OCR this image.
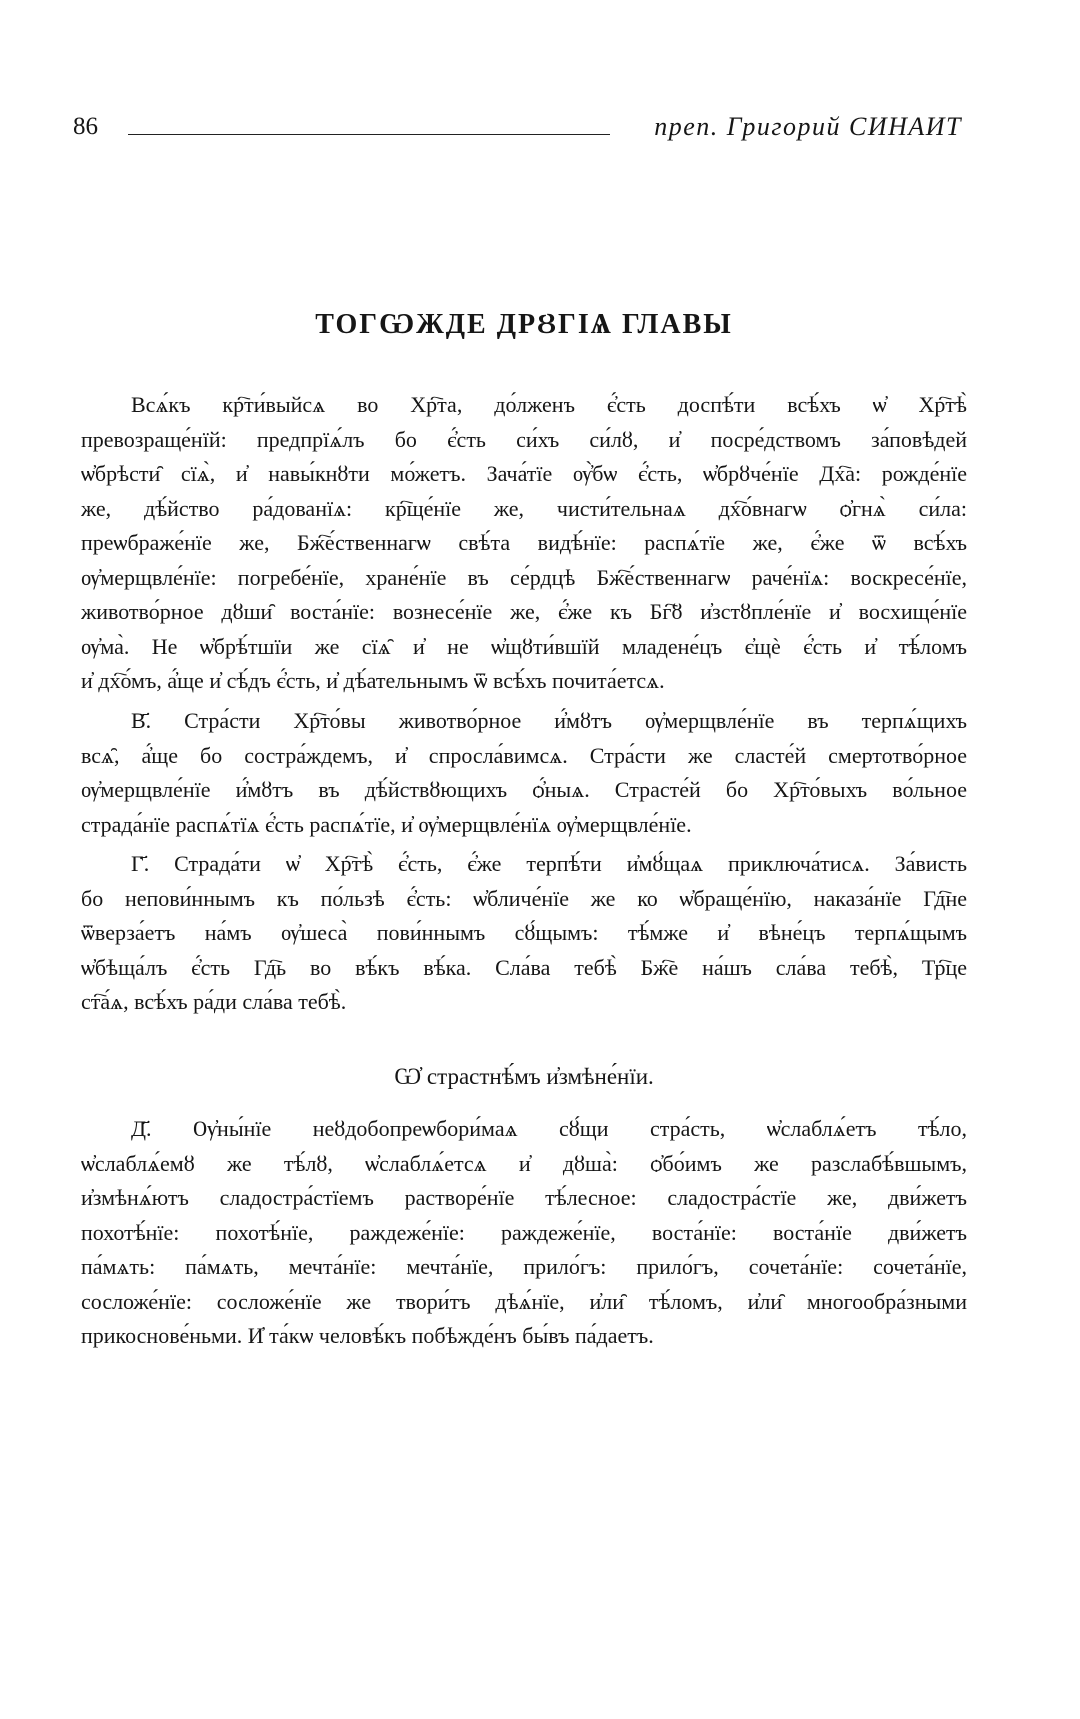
86	преп. Григорий СИНАИТ
ТОГѠЖДЕ ДРȢГІѦ ГЛАВЫ
Всѧ́къ кр҇ти́выйсѧ во Хр҇та, до́лженъ є҆́сть доспѣ́ти всѣ́хъ ѡ҆ Хр҇тѣ̀
превозраще́нїй: предпрїѧ́лъ бо є҆́сть си́хъ си́лȣ, и҆ посре́дствомъ за́повѣдей
ѡ҆брѣсти̑ сїѧ̀, и҆ навы́кнȣти мо́жетъ. Зача́тїе ѹ҆̀бѡ є҆́сть, ѡ҆брȣче́нїе Дх҇а: рожде́нїе
же, дѣ́йство ра́дованїѧ: кр҇ще́нїе же, чисти́тельнаѧ дх҇о́внагѡ ѻ҆гнѧ̀ си́ла:
преѡбраже́нїе же, Бж҇е́ственнагѡ свѣ́та видѣ́нїе: распѧ́тїе же, є҆́же ѿ всѣ́хъ
ѹ҆мерщвле́нїе: погребе́нїе, хране́нїе въ се́рдцѣ Бж҇е́ственнагѡ раче́нїѧ: воскресе́нїе,
животво́рное дȣши̑ воста́нїе: вознесе́нїе же, є҆́же къ Бг҇ȣ и҆зстȣпле́нїе и҆ восхище́нїе
ѹ҆ма̀. Не ѡ҆брѣ́тшїи же сїѧ̑ и҆ не ѡ҆щȣти́вшїй младене́цъ є҆щѐ є҆́сть и҆ тѣ́ломъ
и҆ дх҇о́мъ, а҆́ще и҆ сѣ́дъ є҆́сть, и҆ дѣ́ательнымъ ѿ всѣ́хъ почита́етсѧ.
В҃. Стра́сти Хр҇то́вы животво́рное и҆́мȣтъ ѹ҆мерщвле́нїе въ терпѧ́щихъ
всѧ̑, а҆́ще бо состра́ждемъ, и҆ спросла́вимсѧ. Стра́сти же сласте́й смертотво́рное
ѹ҆мерщвле́нїе и҆́мȣтъ въ дѣ́йствȣющихъ ѻ҆́ныѧ. Страсте́й бо Хр҇то́выхъ во́льное
страда́нїе распѧ́тїѧ є҆́сть распѧ́тїе, и҆ ѹ҆мерщвле́нїѧ ѹ҆мерщвле́нїе.
Г҃. Страда́ти ѡ҆ Хр҇тѣ̀ є҆́сть, є҆́же терпѣ́ти и҆мȣ́щаѧ приключа́тисѧ. За́висть
бо непови́ннымъ къ по́льзѣ є҆́сть: ѡ҆бличе́нїе же ко ѡ҆браще́нїю, наказа́нїе Гд҇не
ѿверза́етъ на́мъ ѹ҆шеса̀ пови́ннымъ сȣ́щымъ: тѣ́мже и҆ вѣне́цъ терпѧ́щымъ
ѡ҆бѣща́лъ є҆́сть Гд҇ь во вѣ́къ вѣ́ка. Сла́ва тебѣ̀ Бж҇е на́шъ сла́ва тебѣ̀, Тр҇це
ст҇а́ѧ, всѣ́хъ ра́ди сла́ва тебѣ̀.
Ѡ҆ страстнѣ́мъ и҆змѣне́нїи.
Д҃. Ѹ҆ны́нїе неȣдобопреѡбори́маѧ сȣ́щи стра́сть, ѡ҆слаблѧ́етъ тѣ́ло,
ѡ҆слаблѧ́емȣ же тѣ́лȣ, ѡ҆слаблѧ́етсѧ и҆ дȣша̀: ѻ҆бо́имъ же разслабѣ́вшымъ,
и҆змѣнѧ́ютъ сладостра́стїемъ растворе́нїе тѣ́лесное: сладостра́стїе же, дви́жетъ
похотѣ́нїе: похотѣ́нїе, раждеже́нїе: раждеже́нїе, воста́нїе: воста́нїе дви́жетъ
па́мѧть: па́мѧть, мечта́нїе: мечта́нїе, прило́гъ: прило́гъ, сочета́нїе: сочета́нїе,
сосложе́нїе: сосложе́нїе же твори́тъ дѣѧ́нїе, и҆ли̑ тѣ́ломъ, и҆ли̑ многообра́зными
прикоснове́ньми. И҆ та́кѡ человѣ́къ побѣжде́нъ бы́въ па́даетъ.
